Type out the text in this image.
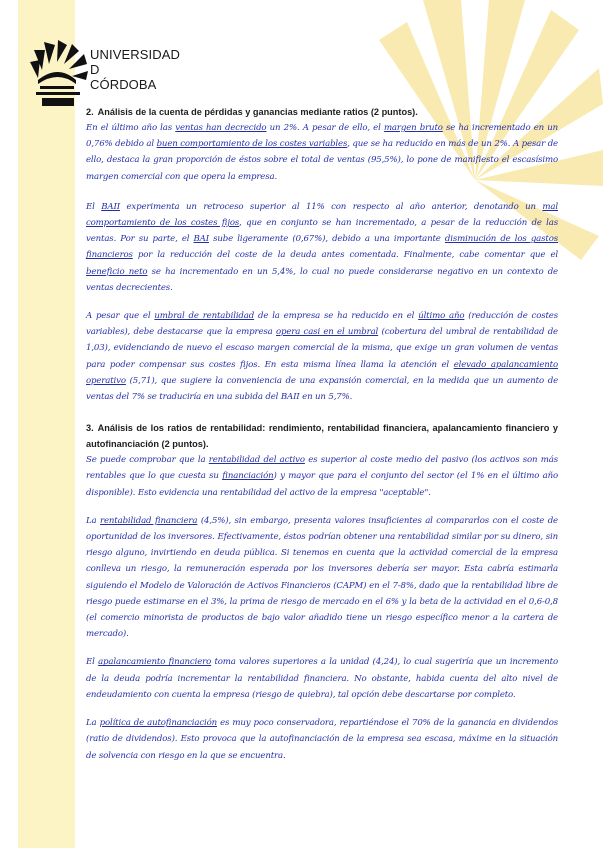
UNIVERSIDAD
D
CÓRDOBA

2. Análisis de la cuenta de pérdidas y ganancias mediante ratios (2 puntos).

En el último año las ventas han decrecido un 2%. A pesar de ello, el margen bruto se ha incrementado en un 0,76% debido al buen comportamiento de los costes variables, que se ha reducido en más de un 2%. A pesar de ello, destaca la gran proporción de éstos sobre el total de ventas (95,5%), lo pone de manifiesto el escasísimo margen comercial con que opera la empresa.

El BAII experimenta un retroceso superior al 11% con respecto al año anterior, denotando un mal comportamiento de los costes fijos, que en conjunto se han incrementado, a pesar de la reducción de las ventas. Por su parte, el BAI sube ligeramente (0,67%), debido a una importante disminución de los gastos financieros por la reducción del coste de la deuda antes comentada. Finalmente, cabe comentar que el beneficio neto se ha incrementado en un 5,4%, lo cual no puede considerarse negativo en un contexto de ventas decrecientes.

A pesar que el umbral de rentabilidad de la empresa se ha reducido en el último año (reducción de costes variables), debe destacarse que la empresa opera casi en el umbral (cobertura del umbral de rentabilidad de 1,03), evidenciando de nuevo el escaso margen comercial de la misma, que exige un gran volumen de ventas para poder compensar sus costes fijos. En esta misma línea llama la atención el elevado apalancamiento operativo (5,71), que sugiere la conveniencia de una expansión comercial, en la medida que un aumento de ventas del 7% se traduciría en una subida del BAII en un 5,7%.

3. Análisis de los ratios de rentabilidad: rendimiento, rentabilidad financiera, apalancamiento financiero y autofinanciación (2 puntos).

Se puede comprobar que la rentabilidad del activo es superior al coste medio del pasivo (los activos son más rentables que lo que cuesta su financiación) y mayor que para el conjunto del sector (el 1% en el último año disponible). Esto evidencia una rentabilidad del activo de la empresa "aceptable".

La rentabilidad financiera (4,5%), sin embargo, presenta valores insuficientes al compararlos con el coste de oportunidad de los inversores. Efectivamente, éstos podrían obtener una rentabilidad similar por su dinero, sin riesgo alguno, invirtiendo en deuda pública. Si tenemos en cuenta que la actividad comercial de la empresa conlleva un riesgo, la remuneración esperada por los inversores debería ser mayor. Esta cabría estimarla siguiendo el Modelo de Valoración de Activos Financieros (CAPM) en el 7-8%, dado que la rentabilidad libre de riesgo puede estimarse en el 3%, la prima de riesgo de mercado en el 6% y la beta de la actividad en el 0,6-0,8 (el comercio minorista de productos de bajo valor añadido tiene un riesgo específico menor a la cartera de mercado).

El apalancamiento financiero toma valores superiores a la unidad (4,24), lo cual sugeriría que un incremento de la deuda podría incrementar la rentabilidad financiera. No obstante, habida cuenta del alto nivel de endeudamiento con cuenta la empresa (riesgo de quiebra), tal opción debe descartarse por completo.

La política de autofinanciación es muy poco conservadora, repartiéndose el 70% de la ganancia en dividendos (ratio de dividendos). Esto provoca que la autofinanciación de la empresa sea escasa, máxime en la situación de solvencia con riesgo en la que se encuentra.
